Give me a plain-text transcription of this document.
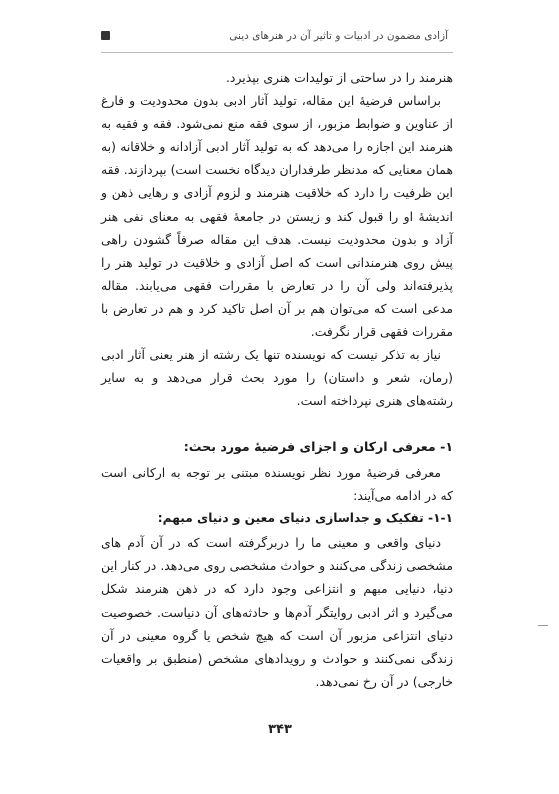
آزادی مضمون در ادبیات و تاثیر آن در هنرهای دینی

هنرمند را در ساحتی از تولیدات هنری بپذیرد.

براساس فرضیهٔ این مقاله، تولید آثار ادبی بدون محدودیت و فارغ از عناوین و ضوابط مزبور، از سوی فقه منع نمی‌شود. فقه و فقیه به هنرمند این اجازه را می‌دهد که به تولید آثار ادبی آزادانه و خلاقانه (به همان معنایی که مدنظر طرفداران دیدگاه نخست است) بپردازند. فقه این ظرفیت را دارد که خلاقیت هنرمند و لزوم آزادی و رهایی ذهن و اندیشهٔ او را قبول کند و زیستن در جامعهٔ فقهی به معنای نفی هنر آزاد و بدون محدودیت نیست. هدف این مقاله صرفاً گشودن راهی پیش روی هنرمندانی است که اصل آزادی و خلاقیت در تولید هنر را پذیرفته‌اند ولی آن را در تعارض با مقررات فقهی می‌یابند. مقاله مدعی است که می‌توان هم بر آن اصل تاکید کرد و هم در تعارض با مقررات فقهی قرار نگرفت.

نیاز به تذکر نیست که نویسنده تنها یک رشته از هنر یعنی آثار ادبی (رمان، شعر و داستان) را مورد بحث قرار می‌دهد و به سایر رشته‌های هنری نپرداخته است.

۱- معرفی ارکان و اجزای فرضیهٔ مورد بحث:

معرفی فرضیهٔ مورد نظر نویسنده مبتنی بر توجه به ارکانی است که در ادامه می‌آیند:

۱-۱- تفکیک و جداسازی دنیای معین و دنیای مبهم:

دنیای واقعی و معینی ما را دربرگرفته است که در آن آدم های مشخصی زندگی می‌کنند و حوادث مشخصی روی می‌دهد. در کنار این دنیا، دنیایی مبهم و انتزاعی وجود دارد که در ذهن هنرمند شکل می‌گیرد و اثر ادبی روایتگر آدم‌ها و حادثه‌های آن دنیاست. خصوصیت دنیای انتزاعی مزبور آن است که هیچ شخص یا گروه معینی در آن زندگی نمی‌کنند و حوادث و رویدادهای مشخص (منطبق بر واقعیات خارجی) در آن رخ نمی‌دهد.

۳۴۳
